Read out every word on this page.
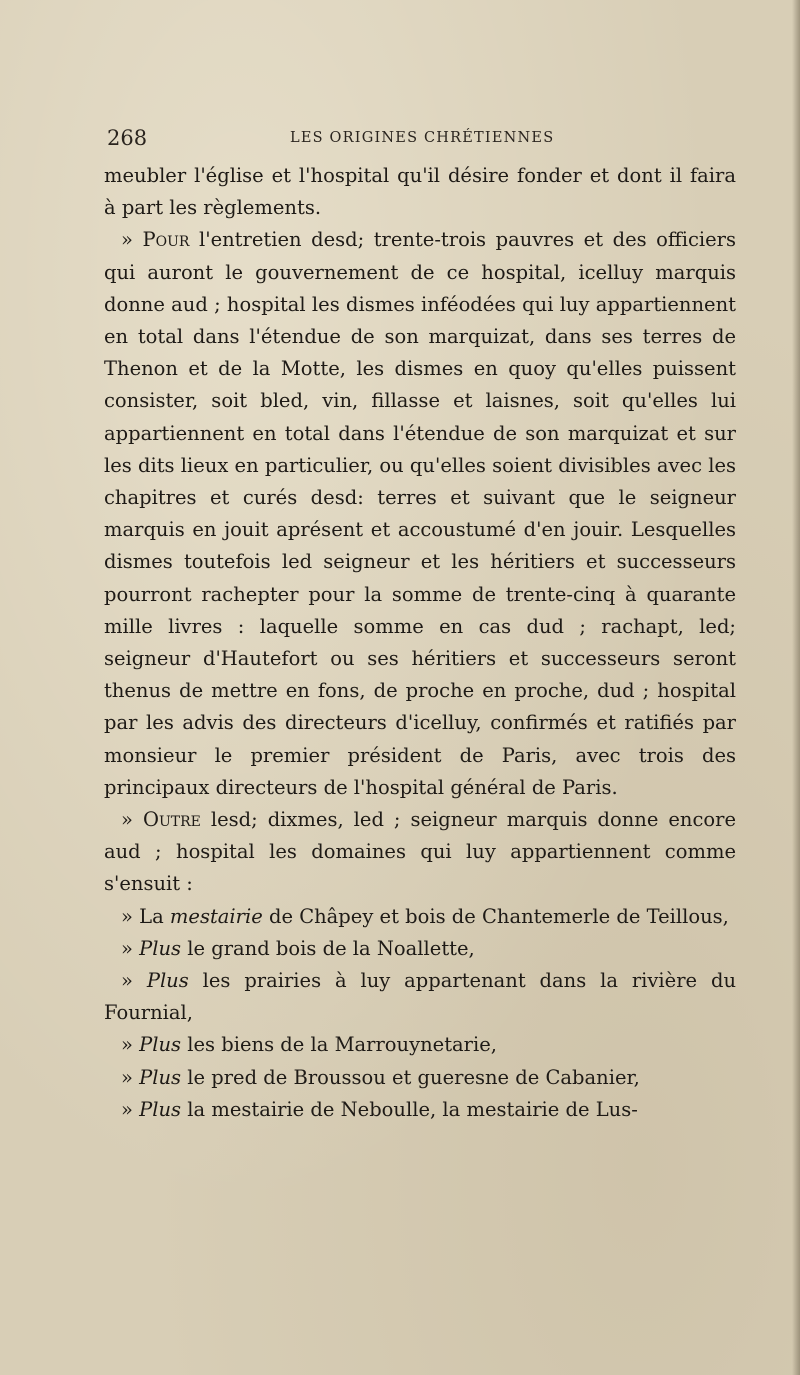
268	LES ORIGINES CHRÉTIENNES

meubler l'église et l'hospital qu'il désire fonder et dont il faira à part les règlements.

» Pour l'entretien desd; trente-trois pauvres et des officiers qui auront le gouvernement de ce hospital, icelluy marquis donne aud ; hospital les dismes inféodées qui luy appartiennent en total dans l'étendue de son marquizat, dans ses terres de Thenon et de la Motte, les dismes en quoy qu'elles puissent consister, soit bled, vin, fillasse et laisnes, soit qu'elles lui appartiennent en total dans l'étendue de son marquizat et sur les dits lieux en particulier, ou qu'elles soient divisibles avec les chapitres et curés desd: terres et suivant que le seigneur marquis en jouit aprésent et accoustumé d'en jouir. Lesquelles dismes toutefois led seigneur et les héritiers et successeurs pourront rachepter pour la somme de trente-cinq à quarante mille livres : laquelle somme en cas dud ; rachapt, led; seigneur d'Hautefort ou ses héritiers et successeurs seront thenus de mettre en fons, de proche en proche, dud ; hospital par les advis des directeurs d'icelluy, confirmés et ratifiés par monsieur le premier président de Paris, avec trois des principaux directeurs de l'hospital général de Paris.

» Outre lesd; dixmes, led ; seigneur marquis donne encore aud ; hospital les domaines qui luy appartiennent comme s'ensuit :

» La mestairie de Châpey et bois de Chantemerle de Teillous,

» Plus le grand bois de la Noallette,

» Plus les prairies à luy appartenant dans la rivière du Fournial,

» Plus les biens de la Marrouynetarie,

» Plus le pred de Broussou et gueresne de Cabanier,

» Plus la mestairie de Neboulle, la mestairie de Lus-
